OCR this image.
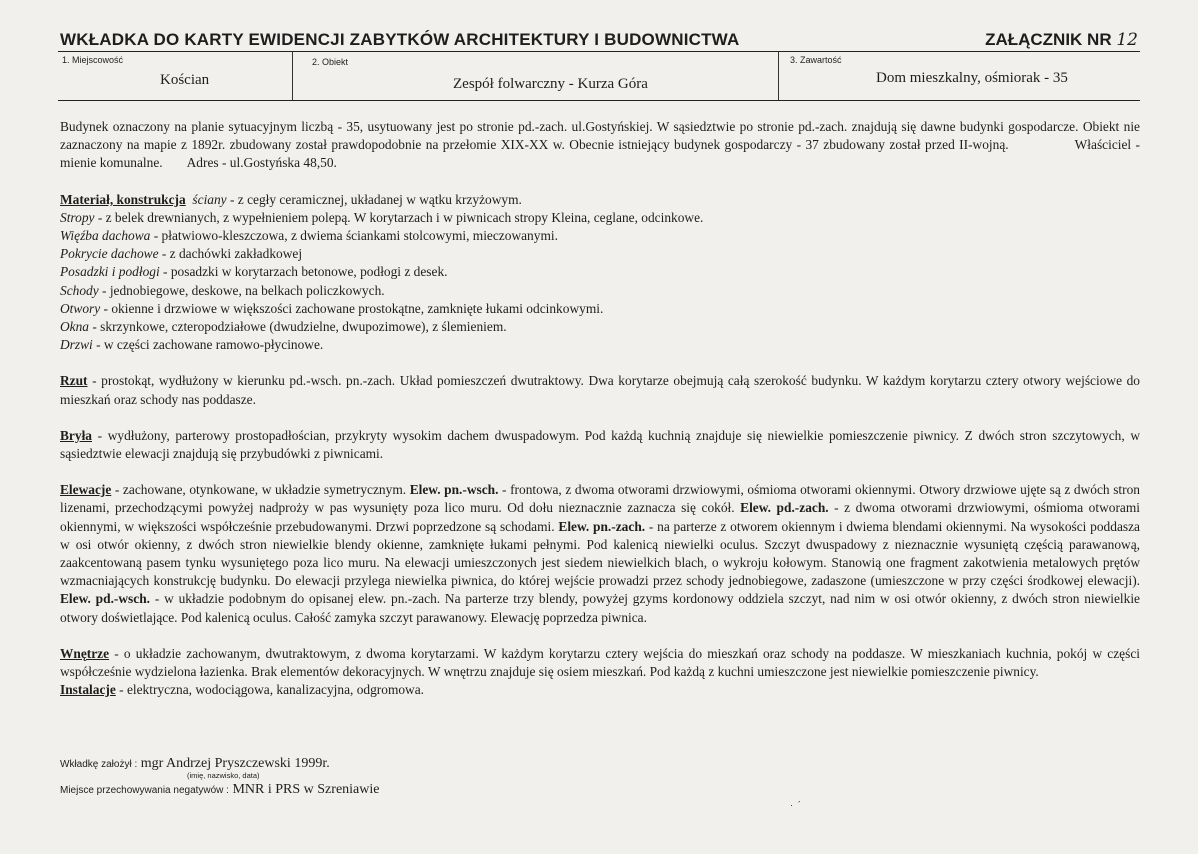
WKŁADKA DO KARTY EWIDENCJI ZABYTKÓW ARCHITEKTURY I BUDOWNICTWA	ZAŁĄCZNIK NR 12
1. Miejscowość
Kościan
2. Obiekt
Zespół folwarczny - Kurza Góra
3. Zawartość
Dom mieszkalny, ośmiorak - 35

Budynek oznaczony na planie sytuacyjnym liczbą - 35, usytuowany jest po stronie pd.-zach. ul.Gostyńskiej. W sąsiedztwie po stronie pd.-zach. znajdują się dawne budynki gospodarcze. Obiekt nie zaznaczony na mapie z 1892r. zbudowany został prawdopodobnie na przełomie XIX-XX w. Obecnie istniejący budynek gospodarczy - 37 zbudowany został przed II-wojną.	Właściciel - mienie komunalne. Adres - ul.Gostyńska 48,50.

Materiał, konstrukcja ściany - z cegły ceramicznej, układanej w wątku krzyżowym.
Stropy - z belek drewnianych, z wypełnieniem polepą. W korytarzach i w piwnicach stropy Kleina, ceglane, odcinkowe.
Więźba dachowa - płatwiowo-kleszczowa, z dwiema ściankami stolcowymi, mieczowanymi.
Pokrycie dachowe - z dachówki zakładkowej
Posadzki i podłogi - posadzki w korytarzach betonowe, podłogi z desek.
Schody - jednobiegowe, deskowe, na belkach policzkowych.
Otwory - okienne i drzwiowe w większości zachowane prostokątne, zamknięte łukami odcinkowymi.
Okna - skrzynkowe, czteropodziałowe (dwudzielne, dwupozimowe), z ślemieniem.
Drzwi - w części zachowane ramowo-płycinowe.

Rzut - prostokąt, wydłużony w kierunku pd.-wsch. pn.-zach. Układ pomieszczeń dwutraktowy. Dwa korytarze obejmują całą szerokość budynku. W każdym korytarzu cztery otwory wejściowe do mieszkań oraz schody nas poddasze.

Bryła - wydłużony, parterowy prostopadłościan, przykryty wysokim dachem dwuspadowym. Pod każdą kuchnią znajduje się niewielkie pomieszczenie piwnicy. Z dwóch stron szczytowych, w sąsiedztwie elewacji znajdują się przybudówki z piwnicami.

Elewacje - zachowane, otynkowane, w układzie symetrycznym. Elew. pn.-wsch. - frontowa, z dwoma otworami drzwiowymi, ośmioma otworami okiennymi. Otwory drzwiowe ujęte są z dwóch stron lizenami, przechodzącymi powyżej nadproży w pas wysunięty poza lico muru. Od dołu nieznacznie zaznacza się cokół. Elew. pd.-zach. - z dwoma otworami drzwiowymi, ośmioma otworami okiennymi, w większości współcześnie przebudowanymi. Drzwi poprzedzone są schodami. Elew. pn.-zach. - na parterze z otworem okiennym i dwiema blendami okiennymi. Na wysokości poddasza w osi otwór okienny, z dwóch stron niewielkie blendy okienne, zamknięte łukami pełnymi. Pod kalenicą niewielki oculus. Szczyt dwuspadowy z nieznacznie wysuniętą częścią parawanową, zaakcentowaną pasem tynku wysuniętego poza lico muru. Na elewacji umieszczonych jest siedem niewielkich blach, o wykroju kołowym. Stanowią one fragment zakotwienia metalowych prętów wzmacniających konstrukcję budynku. Do elewacji przylega niewielka piwnica, do której wejście prowadzi przez schody jednobiegowe, zadaszone (umieszczone w przy części środkowej elewacji). Elew. pd.-wsch. - w układzie podobnym do opisanej elew. pn.-zach. Na parterze trzy blendy, powyżej gzyms kordonowy oddziela szczyt, nad nim w osi otwór okienny, z dwóch stron niewielkie otwory doświetlające. Pod kalenicą oculus. Całość zamyka szczyt parawanowy. Elewację poprzedza piwnica.

Wnętrze - o układzie zachowanym, dwutraktowym, z dwoma korytarzami. W każdym korytarzu cztery wejścia do mieszkań oraz schody na poddasze. W mieszkaniach kuchnia, pokój w części współcześnie wydzielona łazienka. Brak elementów dekoracyjnych. W wnętrzu znajduje się osiem mieszkań. Pod każdą z kuchni umieszczone jest niewielkie pomieszczenie piwnicy.

Instalacje - elektryczna, wodociągowa, kanalizacyjna, odgromowa.

Wkładkę założył : mgr Andrzej Pryszczewski 1999r.
(imię, nazwisko, data)
Miejsce przechowywania negatywów : MNR i PRS w Szreniawie
·  ´
